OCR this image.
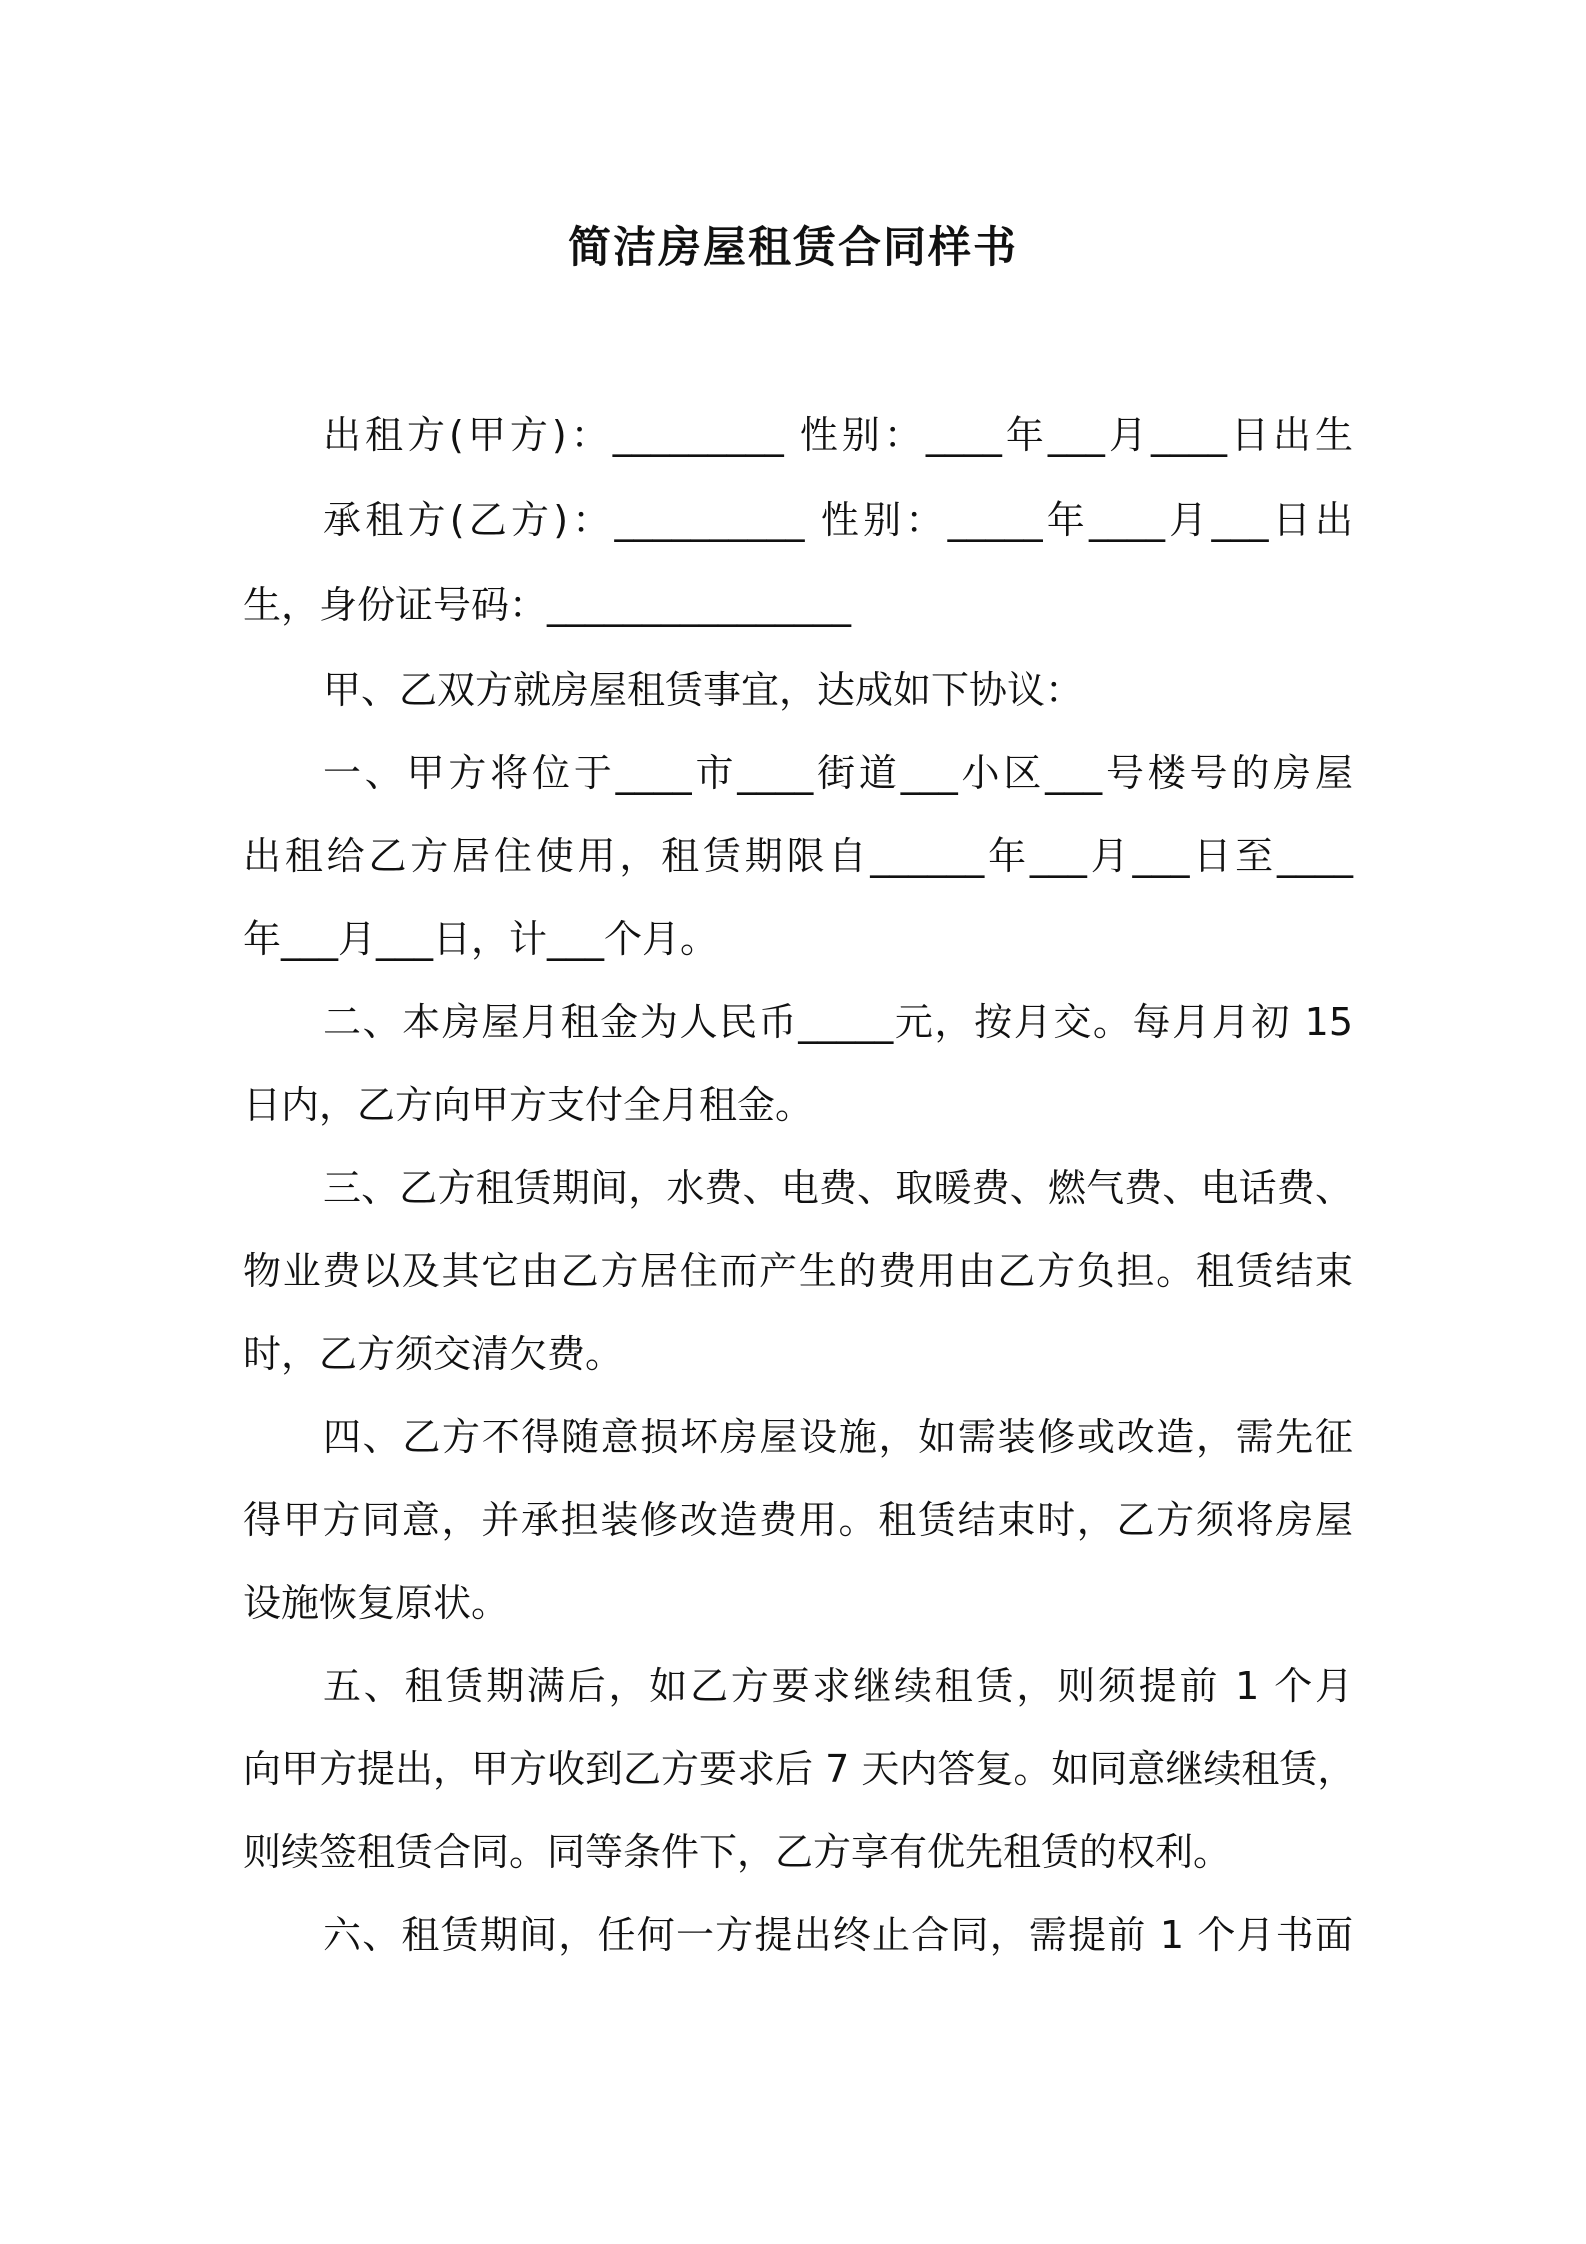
简洁房屋租赁合同样书

出租方(甲方)：_________ 性别：____年___月____日出生

承租方(乙方)：__________ 性别：_____年____月___日出

生，身份证号码：________________

甲、乙双方就房屋租赁事宜，达成如下协议：

一、甲方将位于____市____街道___小区___号楼号的房屋

出租给乙方居住使用，租赁期限自______年___月___日至____

年___月___日，计___个月。

二、本房屋月租金为人民币_____元，按月交。每月月初 15

日内，乙方向甲方支付全月租金。

三、乙方租赁期间，水费、电费、取暖费、燃气费、电话费、

物业费以及其它由乙方居住而产生的费用由乙方负担。租赁结束

时，乙方须交清欠费。

四、乙方不得随意损坏房屋设施，如需装修或改造，需先征

得甲方同意，并承担装修改造费用。租赁结束时，乙方须将房屋

设施恢复原状。

五、租赁期满后，如乙方要求继续租赁，则须提前 1 个月

向甲方提出，甲方收到乙方要求后 7 天内答复。如同意继续租赁，

则续签租赁合同。同等条件下，乙方享有优先租赁的权利。

六、租赁期间，任何一方提出终止合同，需提前 1 个月书面
